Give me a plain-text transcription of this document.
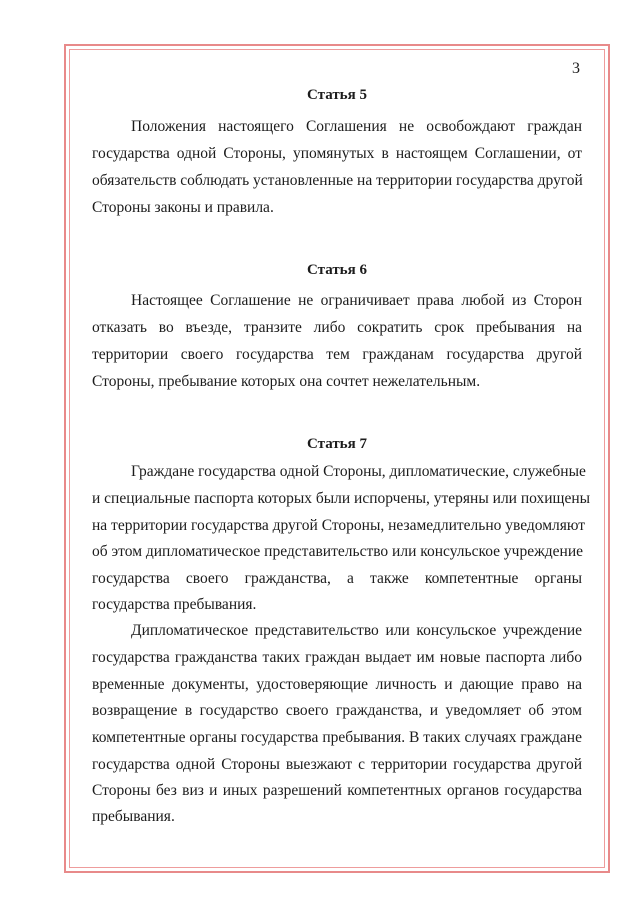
3
Статья 5
Положения настоящего Соглашения не освобождают граждан
государства одной Стороны, упомянутых в настоящем Соглашении, от
обязательств соблюдать установленные на территории государства другой
Стороны законы и правила.
Статья 6
Настоящее Соглашение не ограничивает права любой из Сторон
отказать во въезде, транзите либо сократить срок пребывания на
территории своего государства тем гражданам государства другой
Стороны, пребывание которых она сочтет нежелательным.
Статья 7
Граждане государства одной Стороны, дипломатические, служебные
и специальные паспорта которых были испорчены, утеряны или похищены
на территории государства другой Стороны, незамедлительно уведомляют
об этом дипломатическое представительство или консульское учреждение
государства своего гражданства, а также компетентные органы
государства пребывания.
Дипломатическое представительство или консульское учреждение
государства гражданства таких граждан выдает им новые паспорта либо
временные документы, удостоверяющие личность и дающие право на
возвращение в государство своего гражданства, и уведомляет об этом
компетентные органы государства пребывания. В таких случаях граждане
государства одной Стороны выезжают с территории государства другой
Стороны без виз и иных разрешений компетентных органов государства
пребывания.
